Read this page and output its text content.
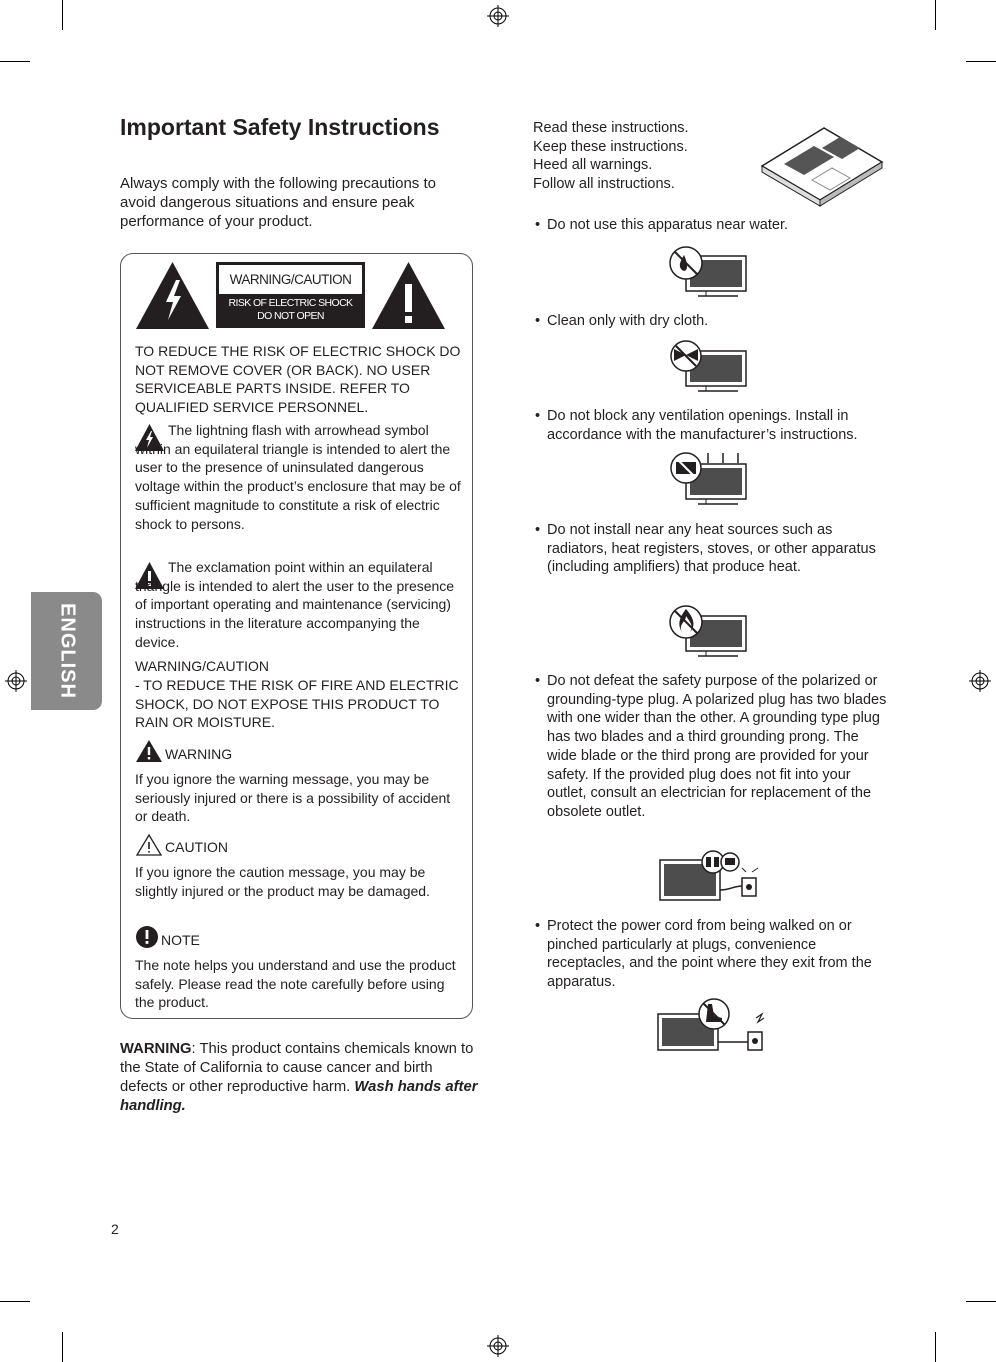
ENGLISH
Important Safety Instructions
Always comply with the following precautions to avoid dangerous situations and ensure peak performance of your product.
WARNING/CAUTION
RISK OF ELECTRIC SHOCK
DO NOT OPEN
TO REDUCE THE RISK OF ELECTRIC SHOCK DO NOT REMOVE COVER (OR BACK). NO USER SERVICEABLE PARTS INSIDE. REFER TO QUALIFIED SERVICE PERSONNEL.
The lightning flash with arrowhead symbol within an equilateral triangle is intended to alert the user to the presence of uninsulated dangerous voltage within the product’s enclosure that may be of sufficient magnitude to constitute a risk of electric shock to persons.
The exclamation point within an equilateral triangle is intended to alert the user to the presence of important operating and maintenance (servicing) instructions in the literature accompanying the device.
WARNING/CAUTION
- TO REDUCE THE RISK OF FIRE AND ELECTRIC SHOCK, DO NOT EXPOSE THIS PRODUCT TO RAIN OR MOISTURE.
WARNING
If you ignore the warning message, you may be seriously injured or there is a possibility of accident or death.
CAUTION
If you ignore the caution message, you may be slightly injured or the product may be damaged.
NOTE
The note helps you understand and use the product safely. Please read the note carefully before using the product.
WARNING: This product contains chemicals known to the State of California to cause cancer and birth defects or other reproductive harm. Wash hands after handling.
Read these instructions.
Keep these instructions.
Heed all warnings.
Follow all instructions.
• Do not use this apparatus near water.
• Clean only with dry cloth.
• Do not block any ventilation openings. Install in accordance with the manufacturer’s instructions.
• Do not install near any heat sources such as radiators, heat registers, stoves, or other apparatus (including amplifiers) that produce heat.
• Do not defeat the safety purpose of the polarized or grounding-type plug. A polarized plug has two blades with one wider than the other. A grounding type plug has two blades and a third grounding prong. The wide blade or the third prong are provided for your safety. If the provided plug does not fit into your outlet, consult an electrician for replacement of the obsolete outlet.
• Protect the power cord from being walked on or pinched particularly at plugs, convenience receptacles, and the point where they exit from the apparatus.
2
